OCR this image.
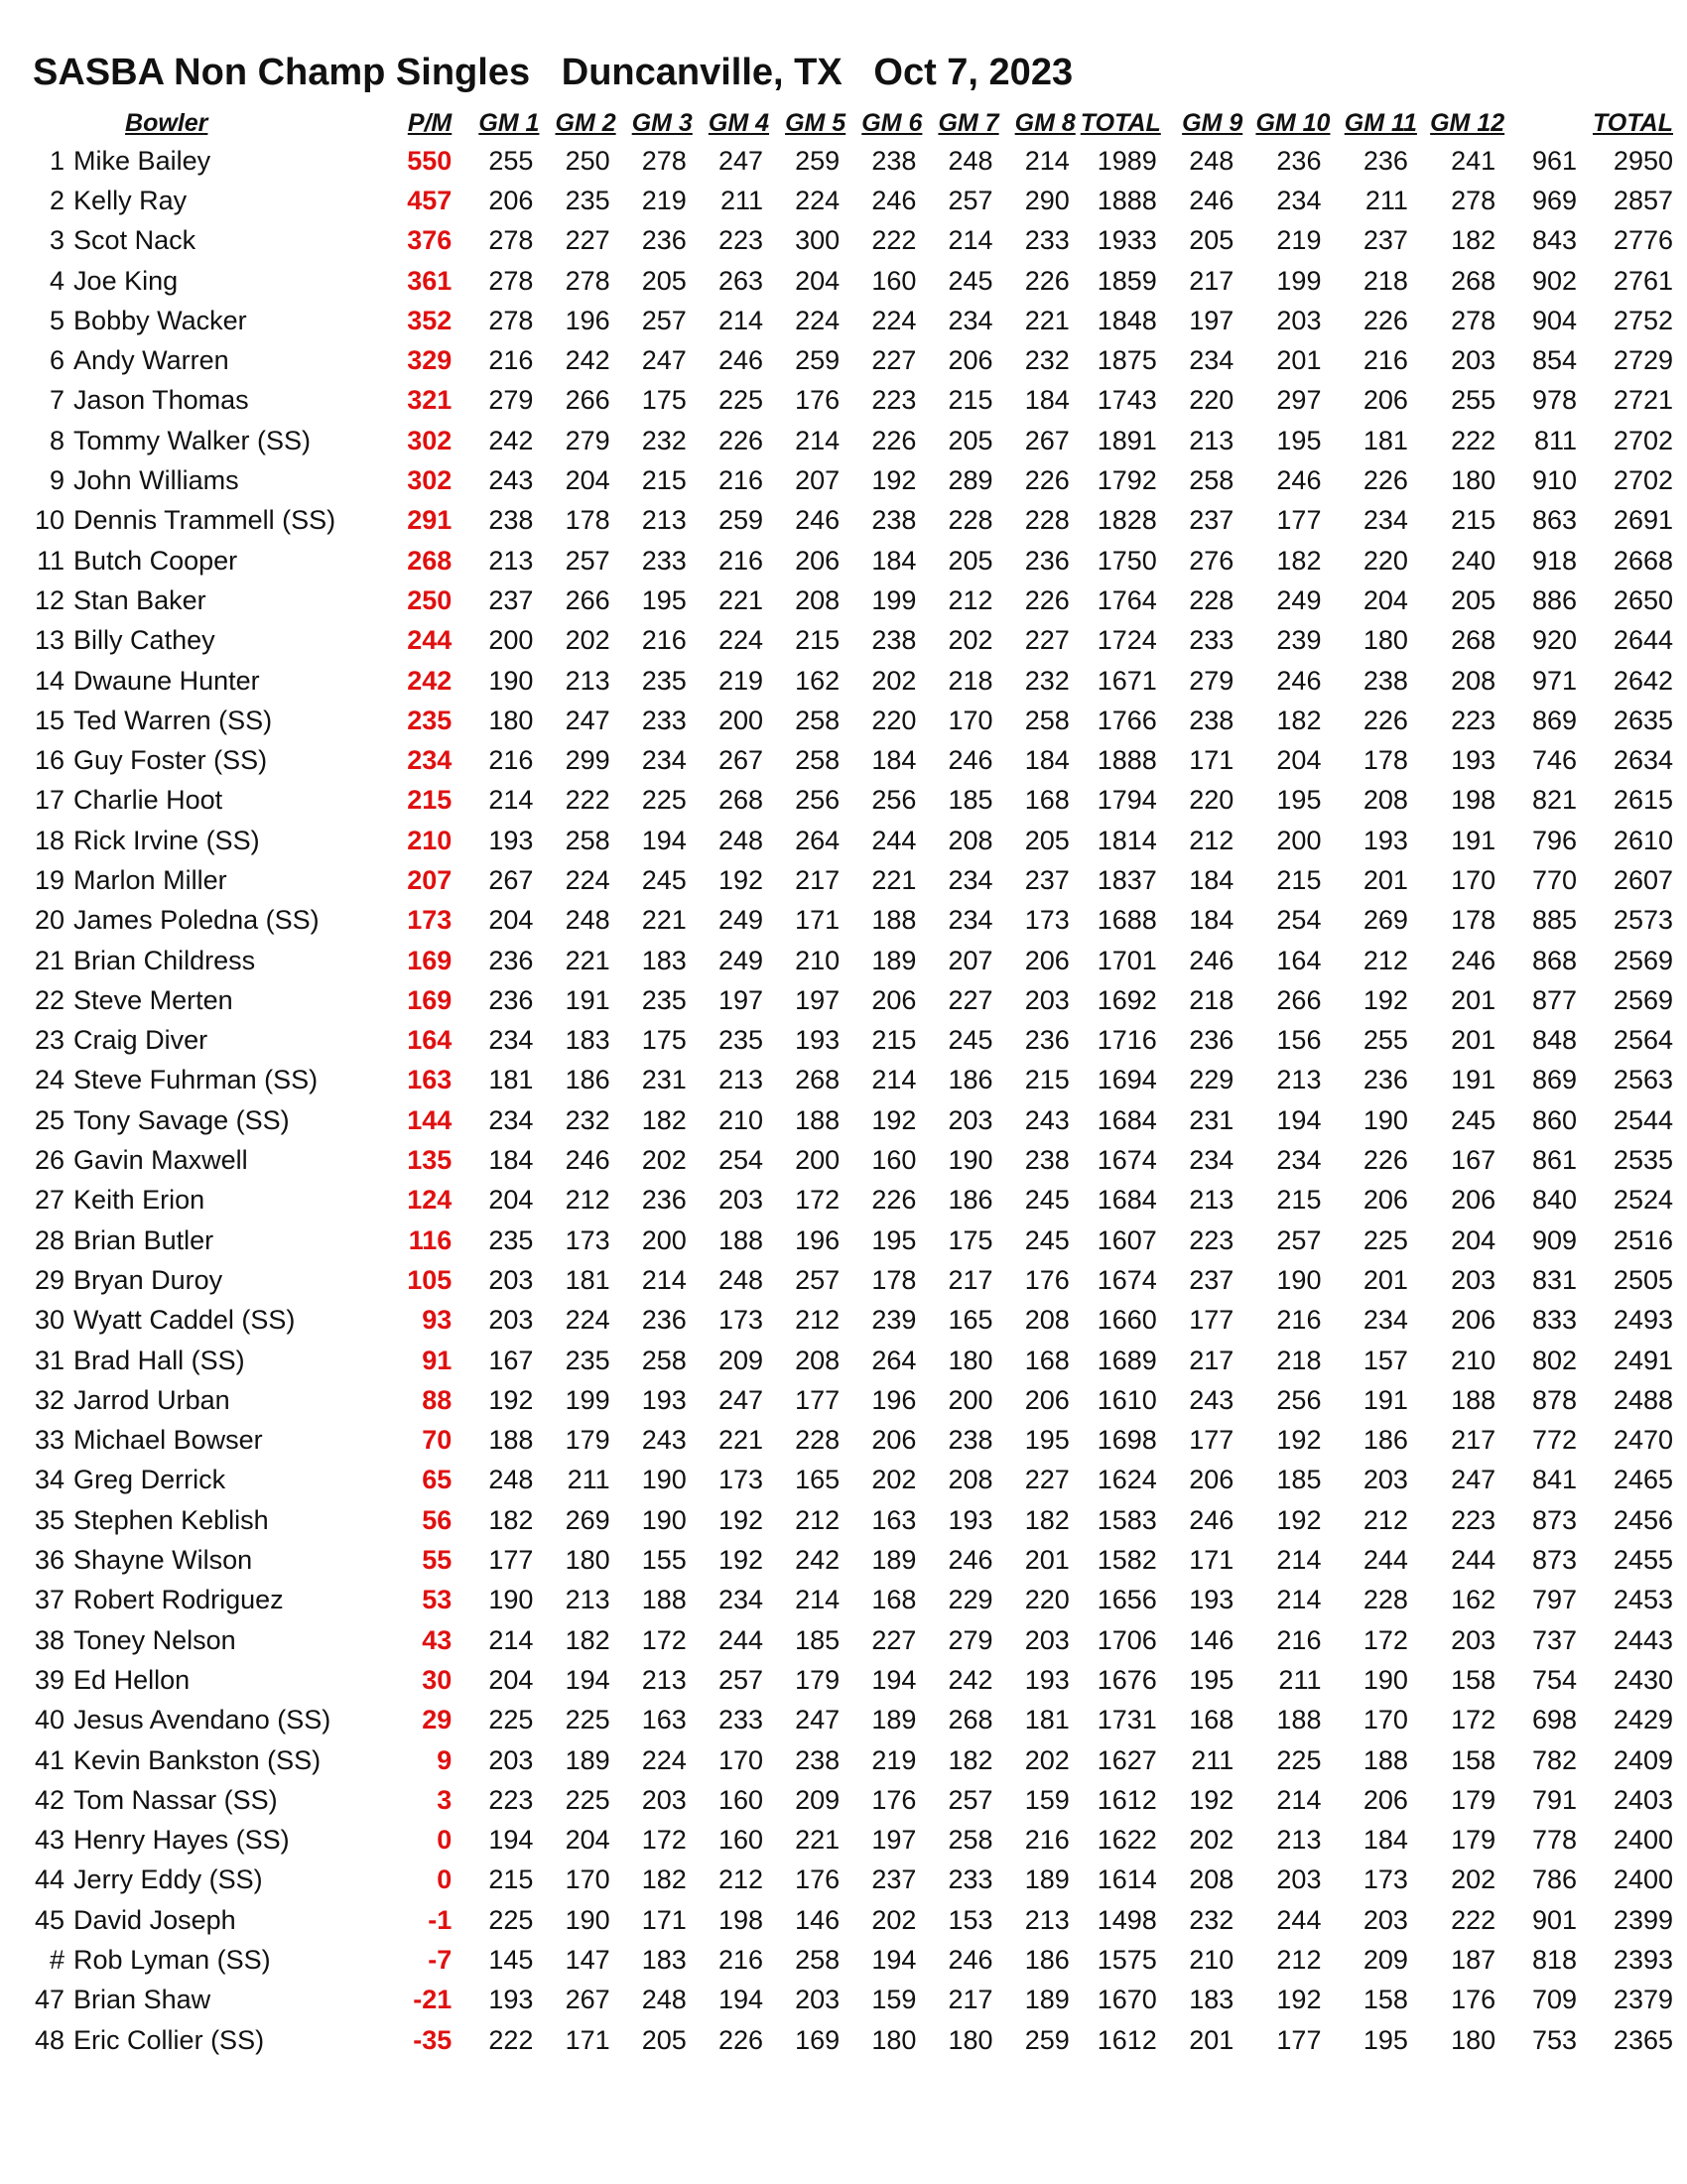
SASBA Non Champ Singles   Duncanville, TX   Oct 7, 2023
	Bowler	P/M	GM 1	GM 2	GM 3	GM 4	GM 5	GM 6	GM 7	GM 8	TOTAL	GM 9	GM 10	GM 11	GM 12		TOTAL
1	Mike Bailey	550	255	250	278	247	259	238	248	214	1989	248	236	236	241	961	2950
2	Kelly Ray	457	206	235	219	211	224	246	257	290	1888	246	234	211	278	969	2857
3	Scot Nack	376	278	227	236	223	300	222	214	233	1933	205	219	237	182	843	2776
4	Joe King	361	278	278	205	263	204	160	245	226	1859	217	199	218	268	902	2761
5	Bobby Wacker	352	278	196	257	214	224	224	234	221	1848	197	203	226	278	904	2752
6	Andy Warren	329	216	242	247	246	259	227	206	232	1875	234	201	216	203	854	2729
7	Jason Thomas	321	279	266	175	225	176	223	215	184	1743	220	297	206	255	978	2721
8	Tommy Walker (SS)	302	242	279	232	226	214	226	205	267	1891	213	195	181	222	811	2702
9	John Williams	302	243	204	215	216	207	192	289	226	1792	258	246	226	180	910	2702
10	Dennis Trammell (SS)	291	238	178	213	259	246	238	228	228	1828	237	177	234	215	863	2691
11	Butch Cooper	268	213	257	233	216	206	184	205	236	1750	276	182	220	240	918	2668
12	Stan Baker	250	237	266	195	221	208	199	212	226	1764	228	249	204	205	886	2650
13	Billy Cathey	244	200	202	216	224	215	238	202	227	1724	233	239	180	268	920	2644
14	Dwaune Hunter	242	190	213	235	219	162	202	218	232	1671	279	246	238	208	971	2642
15	Ted Warren (SS)	235	180	247	233	200	258	220	170	258	1766	238	182	226	223	869	2635
16	Guy Foster (SS)	234	216	299	234	267	258	184	246	184	1888	171	204	178	193	746	2634
17	Charlie Hoot	215	214	222	225	268	256	256	185	168	1794	220	195	208	198	821	2615
18	Rick Irvine (SS)	210	193	258	194	248	264	244	208	205	1814	212	200	193	191	796	2610
19	Marlon Miller	207	267	224	245	192	217	221	234	237	1837	184	215	201	170	770	2607
20	James Poledna (SS)	173	204	248	221	249	171	188	234	173	1688	184	254	269	178	885	2573
21	Brian Childress	169	236	221	183	249	210	189	207	206	1701	246	164	212	246	868	2569
22	Steve Merten	169	236	191	235	197	197	206	227	203	1692	218	266	192	201	877	2569
23	Craig Diver	164	234	183	175	235	193	215	245	236	1716	236	156	255	201	848	2564
24	Steve Fuhrman (SS)	163	181	186	231	213	268	214	186	215	1694	229	213	236	191	869	2563
25	Tony Savage (SS)	144	234	232	182	210	188	192	203	243	1684	231	194	190	245	860	2544
26	Gavin Maxwell	135	184	246	202	254	200	160	190	238	1674	234	234	226	167	861	2535
27	Keith Erion	124	204	212	236	203	172	226	186	245	1684	213	215	206	206	840	2524
28	Brian Butler	116	235	173	200	188	196	195	175	245	1607	223	257	225	204	909	2516
29	Bryan Duroy	105	203	181	214	248	257	178	217	176	1674	237	190	201	203	831	2505
30	Wyatt Caddel (SS)	93	203	224	236	173	212	239	165	208	1660	177	216	234	206	833	2493
31	Brad Hall (SS)	91	167	235	258	209	208	264	180	168	1689	217	218	157	210	802	2491
32	Jarrod Urban	88	192	199	193	247	177	196	200	206	1610	243	256	191	188	878	2488
33	Michael Bowser	70	188	179	243	221	228	206	238	195	1698	177	192	186	217	772	2470
34	Greg Derrick	65	248	211	190	173	165	202	208	227	1624	206	185	203	247	841	2465
35	Stephen Keblish	56	182	269	190	192	212	163	193	182	1583	246	192	212	223	873	2456
36	Shayne Wilson	55	177	180	155	192	242	189	246	201	1582	171	214	244	244	873	2455
37	Robert Rodriguez	53	190	213	188	234	214	168	229	220	1656	193	214	228	162	797	2453
38	Toney Nelson	43	214	182	172	244	185	227	279	203	1706	146	216	172	203	737	2443
39	Ed Hellon	30	204	194	213	257	179	194	242	193	1676	195	211	190	158	754	2430
40	Jesus Avendano (SS)	29	225	225	163	233	247	189	268	181	1731	168	188	170	172	698	2429
41	Kevin Bankston (SS)	9	203	189	224	170	238	219	182	202	1627	211	225	188	158	782	2409
42	Tom Nassar (SS)	3	223	225	203	160	209	176	257	159	1612	192	214	206	179	791	2403
43	Henry Hayes (SS)	0	194	204	172	160	221	197	258	216	1622	202	213	184	179	778	2400
44	Jerry Eddy (SS)	0	215	170	182	212	176	237	233	189	1614	208	203	173	202	786	2400
45	David Joseph	-1	225	190	171	198	146	202	153	213	1498	232	244	203	222	901	2399
#	Rob Lyman (SS)	-7	145	147	183	216	258	194	246	186	1575	210	212	209	187	818	2393
47	Brian Shaw	-21	193	267	248	194	203	159	217	189	1670	183	192	158	176	709	2379
48	Eric Collier (SS)	-35	222	171	205	226	169	180	180	259	1612	201	177	195	180	753	2365
